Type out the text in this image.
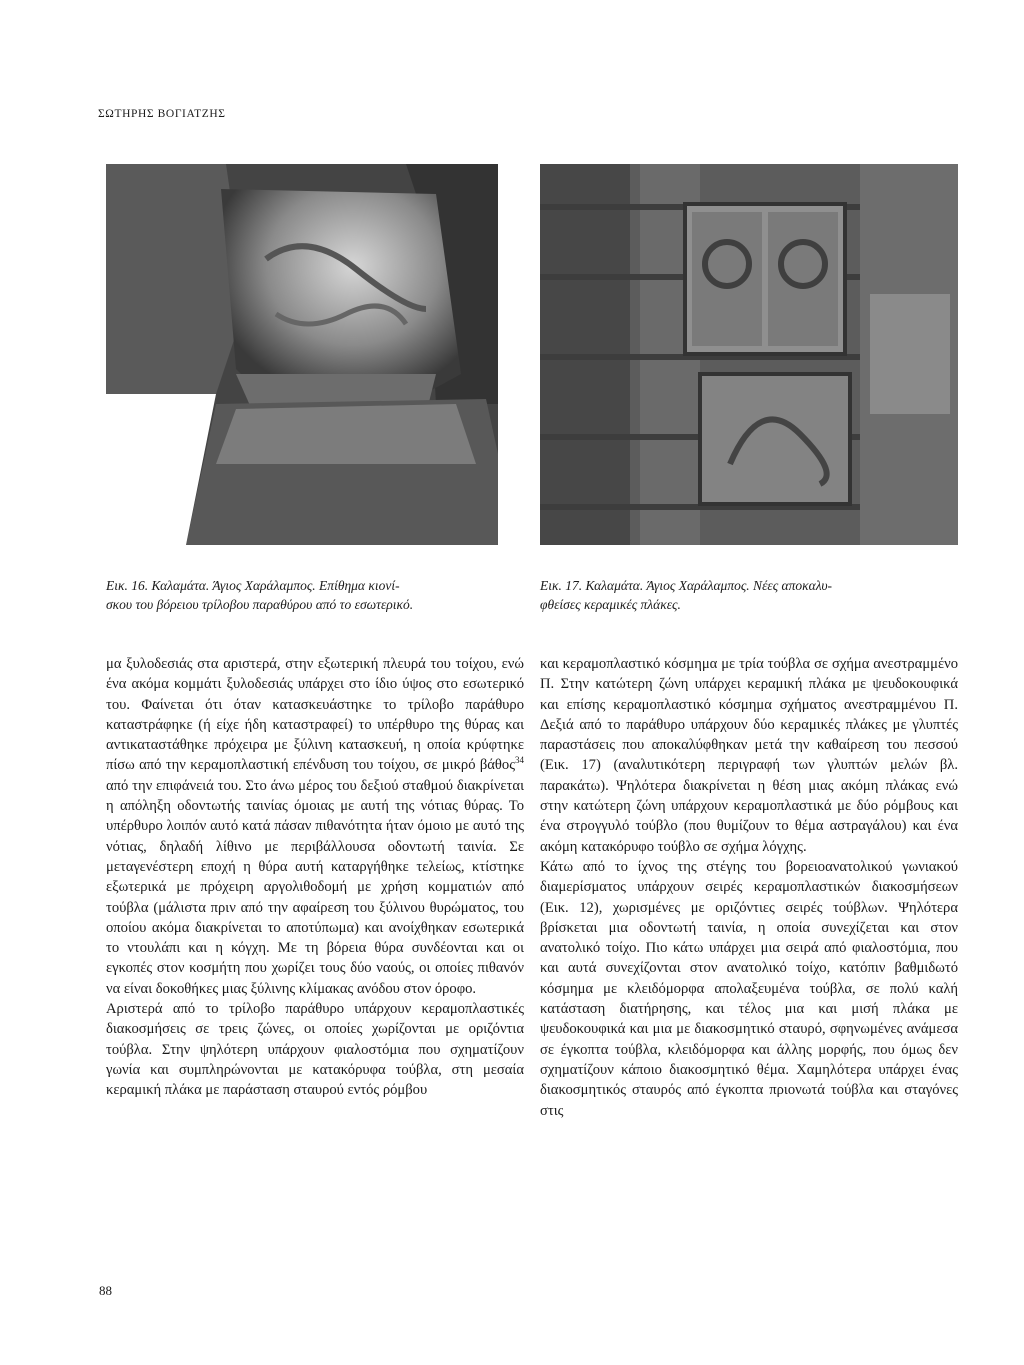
ΣΩΤΗΡΗΣ ΒΟΓΙΑΤΖΗΣ
Εικ. 16. Καλαμάτα. Άγιος Χαράλαμπος. Επίθημα κιονί-
σκου του βόρειου τρίλοβου παραθύρου από το εσωτερικό.
Εικ. 17. Καλαμάτα. Άγιος Χαράλαμπος. Νέες αποκαλυ-
φθείσες κεραμικές πλάκες.

μα ξυλοδεσιάς στα αριστερά, στην εξωτερική πλευρά του τοίχου, ενώ ένα ακόμα κομμάτι ξυλοδεσιάς υπάρχει στο ίδιο ύψος στο εσωτερικό του. Φαίνεται ότι όταν κατασκευάστηκε το τρίλοβο παράθυρο καταστράφηκε (ή είχε ήδη καταστραφεί) το υπέρθυρο της θύρας και αντικαταστάθηκε πρόχειρα με ξύλινη κατασκευή, η οποία κρύφτηκε πίσω από την κεραμοπλαστική επένδυση του τοίχου, σε μικρό βάθος$^{34}$ από την επιφάνειά του. Στο άνω μέρος του δεξιού σταθμού διακρίνεται η απόληξη οδοντωτής ταινίας όμοιας με αυτή της νότιας θύρας. Το υπέρθυρο λοιπόν αυτό κατά πάσαν πιθανότητα ήταν όμοιο με αυτό της νότιας, δηλαδή λίθινο με περιβάλλουσα οδοντωτή ταινία. Σε μεταγενέστερη εποχή η θύρα αυτή καταργήθηκε τελείως, κτίστηκε εξωτερικά με πρόχειρη αργολιθοδομή με χρήση κομματιών από τούβλα (μάλιστα πριν από την αφαίρεση του ξύλινου θυρώματος, του οποίου ακόμα διακρίνεται το αποτύπωμα) και ανοίχθηκαν εσωτερικά το ντουλάπι και η κόγχη. Με τη βόρεια θύρα συνδέονται και οι εγκοπές στον κοσμήτη που χωρίζει τους δύο ναούς, οι οποίες πιθανόν να είναι δοκοθήκες μιας ξύλινης κλίμακας ανόδου στον όροφο.

Αριστερά από το τρίλοβο παράθυρο υπάρχουν κεραμοπλαστικές διακοσμήσεις σε τρεις ζώνες, οι οποίες χωρίζονται με οριζόντια τούβλα. Στην ψηλότερη υπάρχουν φιαλοστόμια που σχηματίζουν γωνία και συμπληρώνονται με κατακόρυφα τούβλα, στη μεσαία κεραμική πλάκα με παράσταση σταυρού εντός ρόμβου

και κεραμοπλαστικό κόσμημα με τρία τούβλα σε σχήμα ανεστραμμένο Π. Στην κατώτερη ζώνη υπάρχει κεραμική πλάκα με ψευδοκουφικά και επίσης κεραμοπλαστικό κόσμημα σχήματος ανεστραμμένου Π. Δεξιά από το παράθυρο υπάρχουν δύο κεραμικές πλάκες με γλυπτές παραστάσεις που αποκαλύφθηκαν μετά την καθαίρεση του πεσσού (Εικ. 17) (αναλυτικότερη περιγραφή των γλυπτών μελών βλ. παρακάτω). Ψηλότερα διακρίνεται η θέση μιας ακόμη πλάκας ενώ στην κατώτερη ζώνη υπάρχουν κεραμοπλαστικά με δύο ρόμβους και ένα στρογγυλό τούβλο (που θυμίζουν το θέμα αστραγάλου) και ένα ακόμη κατακόρυφο τούβλο σε σχήμα λόγχης.

Κάτω από το ίχνος της στέγης του βορειοανατολικού γωνιακού διαμερίσματος υπάρχουν σειρές κεραμοπλαστικών διακοσμήσεων (Εικ. 12), χωρισμένες με οριζόντιες σειρές τούβλων. Ψηλότερα βρίσκεται μια οδοντωτή ταινία, η οποία συνεχίζεται και στον ανατολικό τοίχο. Πιο κάτω υπάρχει μια σειρά από φιαλοστόμια, που και αυτά συνεχίζονται στον ανατολικό τοίχο, κατόπιν βαθμιδωτό κόσμημα με κλειδόμορφα απολαξευμένα τούβλα, σε πολύ καλή κατάσταση διατήρησης, και τέλος μια και μισή πλάκα με ψευδοκουφικά και μια με διακοσμητικό σταυρό, σφηνωμένες ανάμεσα σε έγκοπτα τούβλα, κλειδόμορφα και άλλης μορφής, που όμως δεν σχηματίζουν κάποιο διακοσμητικό θέμα. Χαμηλότερα υπάρχει ένας διακοσμητικός σταυρός από έγκοπτα πριονωτά τούβλα και σταγόνες στις

88
